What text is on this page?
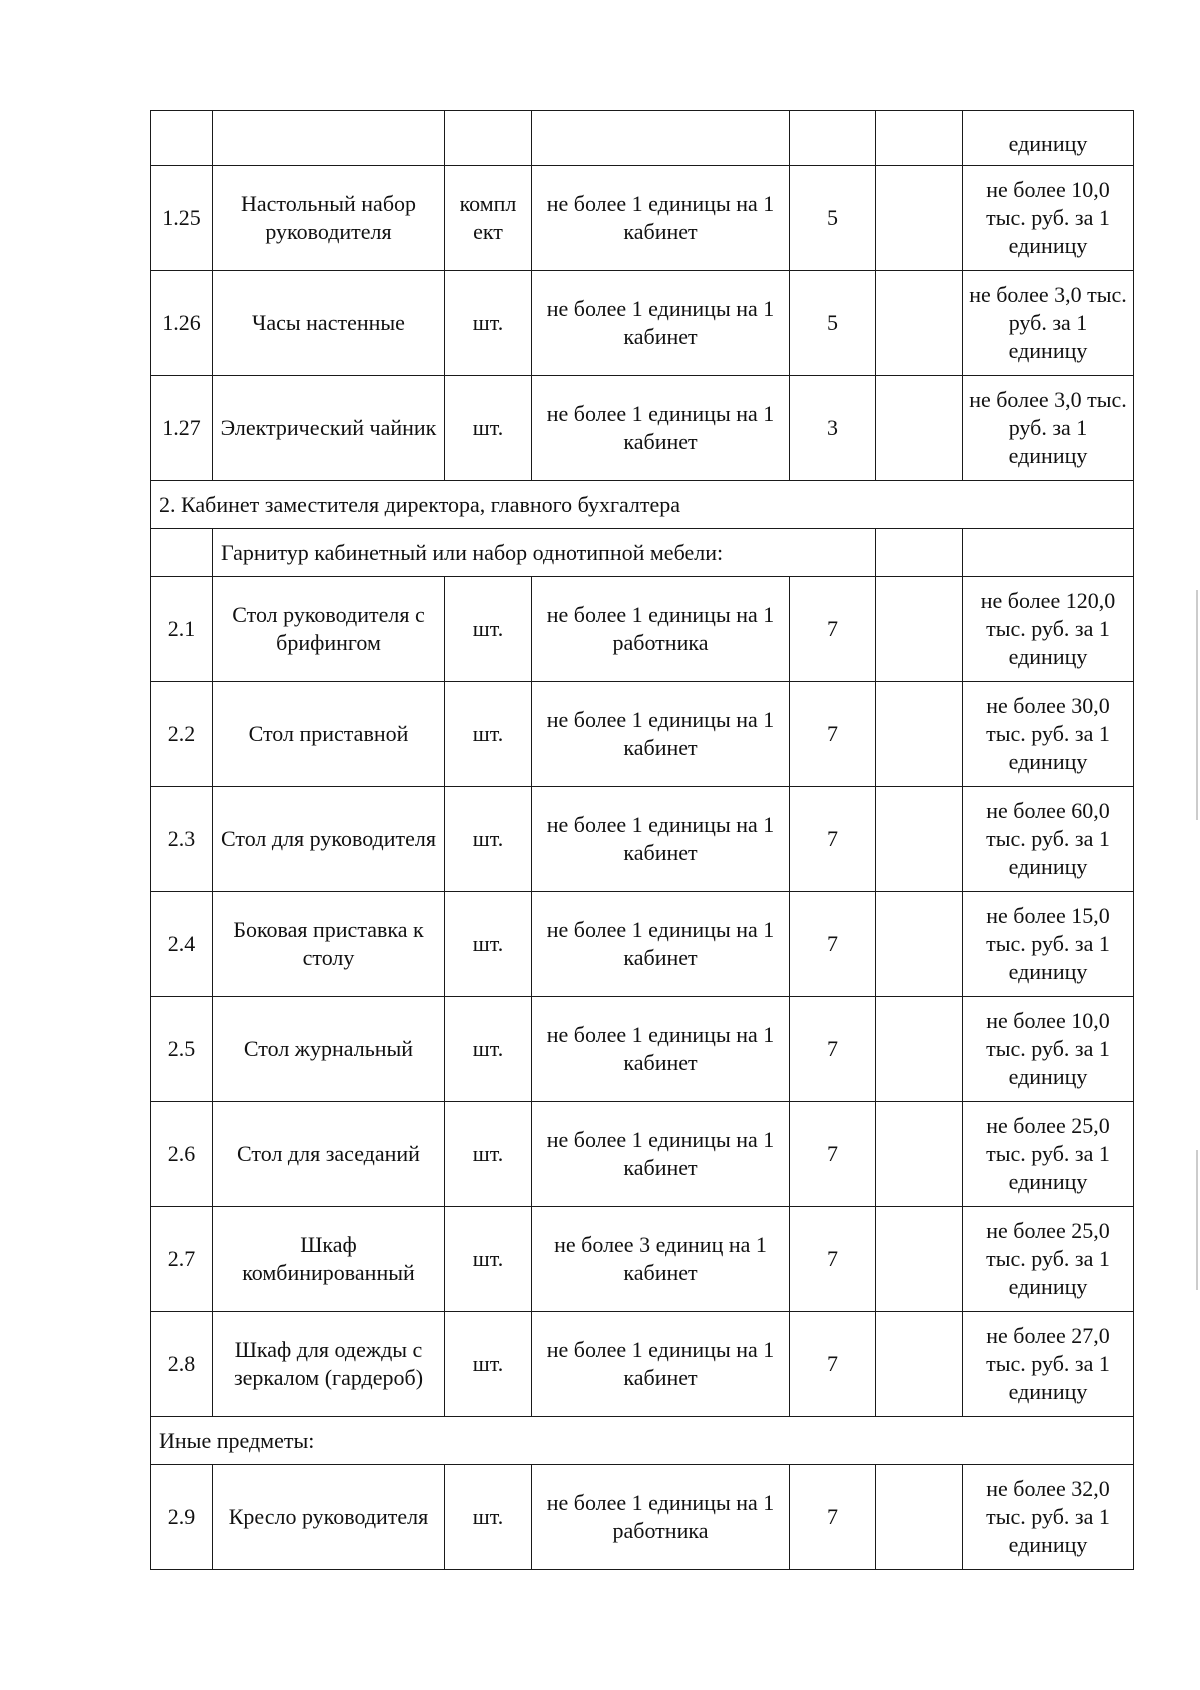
						единицу
1.25	Настольный набор руководителя	компл ект	не более 1 единицы на 1 кабинет	5		не более 10,0 тыс. руб. за 1 единицу
1.26	Часы настенные	шт.	не более 1 единицы на 1 кабинет	5		не более 3,0 тыс. руб. за 1 единицу
1.27	Электрический чайник	шт.	не более 1 единицы на 1 кабинет	3		не более 3,0 тыс. руб. за 1 единицу
2. Кабинет заместителя директора, главного бухгалтера						
	Гарнитур кабинетный или набор однотипной мебели:					
2.1	Стол руководителя с брифингом	шт.	не более 1 единицы на 1 работника	7		не более 120,0 тыс. руб. за 1 единицу
2.2	Стол приставной	шт.	не более 1 единицы на 1 кабинет	7		не более 30,0 тыс. руб. за 1 единицу
2.3	Стол для руководителя	шт.	не более 1 единицы на 1 кабинет	7		не более 60,0 тыс. руб. за 1 единицу
2.4	Боковая приставка к столу	шт.	не более 1 единицы на 1 кабинет	7		не более 15,0 тыс. руб. за 1 единицу
2.5	Стол журнальный	шт.	не более 1 единицы на 1 кабинет	7		не более 10,0 тыс. руб. за 1 единицу
2.6	Стол для заседаний	шт.	не более 1 единицы на 1 кабинет	7		не более 25,0 тыс. руб. за 1 единицу
2.7	Шкаф комбинированный	шт.	не более 3 единиц на 1 кабинет	7		не более 25,0 тыс. руб. за 1 единицу
2.8	Шкаф для одежды с зеркалом (гардероб)	шт.	не более 1 единицы на 1 кабинет	7		не более 27,0 тыс. руб. за 1 единицу
Иные предметы:						
2.9	Кресло руководителя	шт.	не более 1 единицы на 1 работника	7		не более 32,0 тыс. руб. за 1 единицу
